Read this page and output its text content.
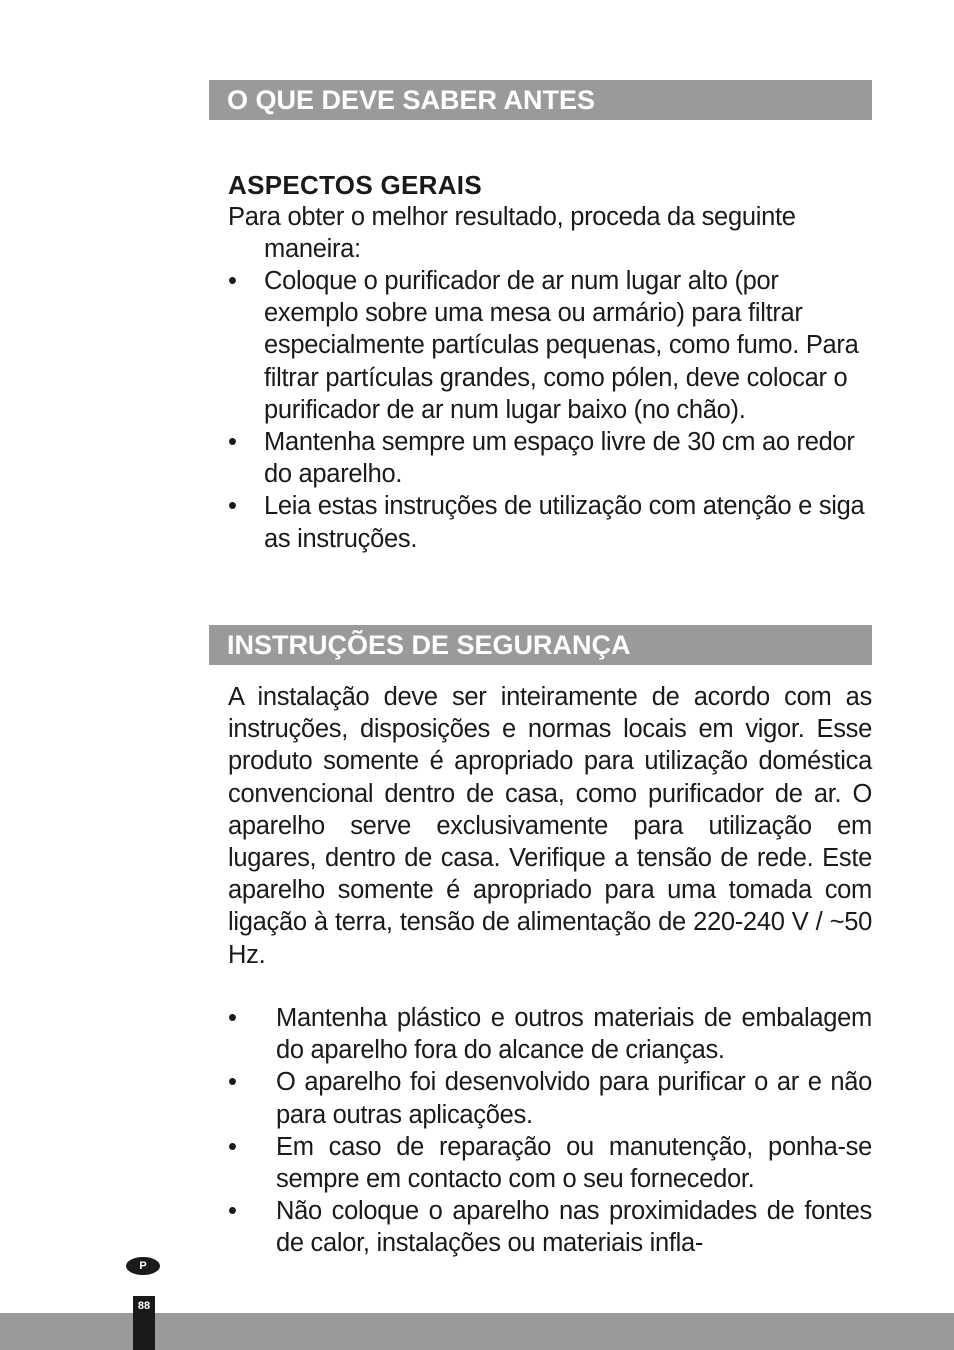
O QUE DEVE SABER ANTES
ASPECTOS GERAIS
Para obter o melhor resultado, proceda da seguinte maneira:
•	Coloque o purificador de ar num lugar alto (por exemplo sobre uma mesa ou armário) para filtrar especialmente partículas pequenas, como fumo. Para filtrar partículas grandes, como pólen, deve colocar o purificador de ar num lugar baixo (no chão).
•	Mantenha sempre um espaço livre de 30 cm ao redor do aparelho.
•	Leia estas instruções de utilização com atenção e siga as instruções.
INSTRUÇÕES DE SEGURANÇA
A instalação deve ser inteiramente de acordo com as instruções, disposições e normas locais em vigor. Esse produto somente é apropriado para utilização doméstica convencional dentro de casa, como purificador de ar. O aparelho serve exclusivamente para utilização em lugares, dentro de casa. Verifique a tensão de rede. Este aparelho somente é apropriado para uma tomada com ligação à terra, tensão de alimentação de 220-240 V / ~50 Hz.
•	Mantenha plástico e outros materiais de embalagem do aparelho fora do alcance de crianças.
•	O aparelho foi desenvolvido para purificar o ar e não para outras aplicações.
•	Em caso de reparação ou manutenção, ponha-se sempre em contacto com o seu fornecedor.
•	Não coloque o aparelho nas proximidades de fontes de calor, instalações ou materiais infla-
P
88
